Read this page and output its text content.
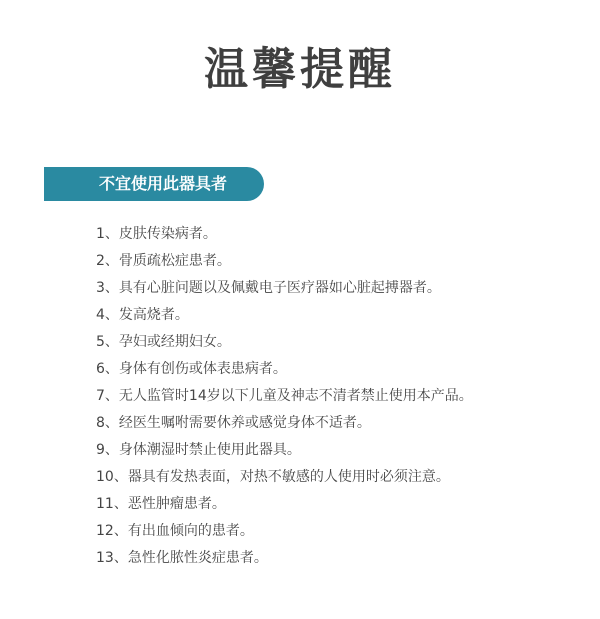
温馨提醒
不宜使用此器具者
1、皮肤传染病者。
2、骨质疏松症患者。
3、具有心脏问题以及佩戴电子医疗器如心脏起搏器者。
4、发高烧者。
5、孕妇或经期妇女。
6、身体有创伤或体表患病者。
7、无人监管时14岁以下儿童及神志不清者禁止使用本产品。
8、经医生嘱咐需要休养或感觉身体不适者。
9、身体潮湿时禁止使用此器具。
10、器具有发热表面，对热不敏感的人使用时必须注意。
11、恶性肿瘤患者。
12、有出血倾向的患者。
13、急性化脓性炎症患者。
